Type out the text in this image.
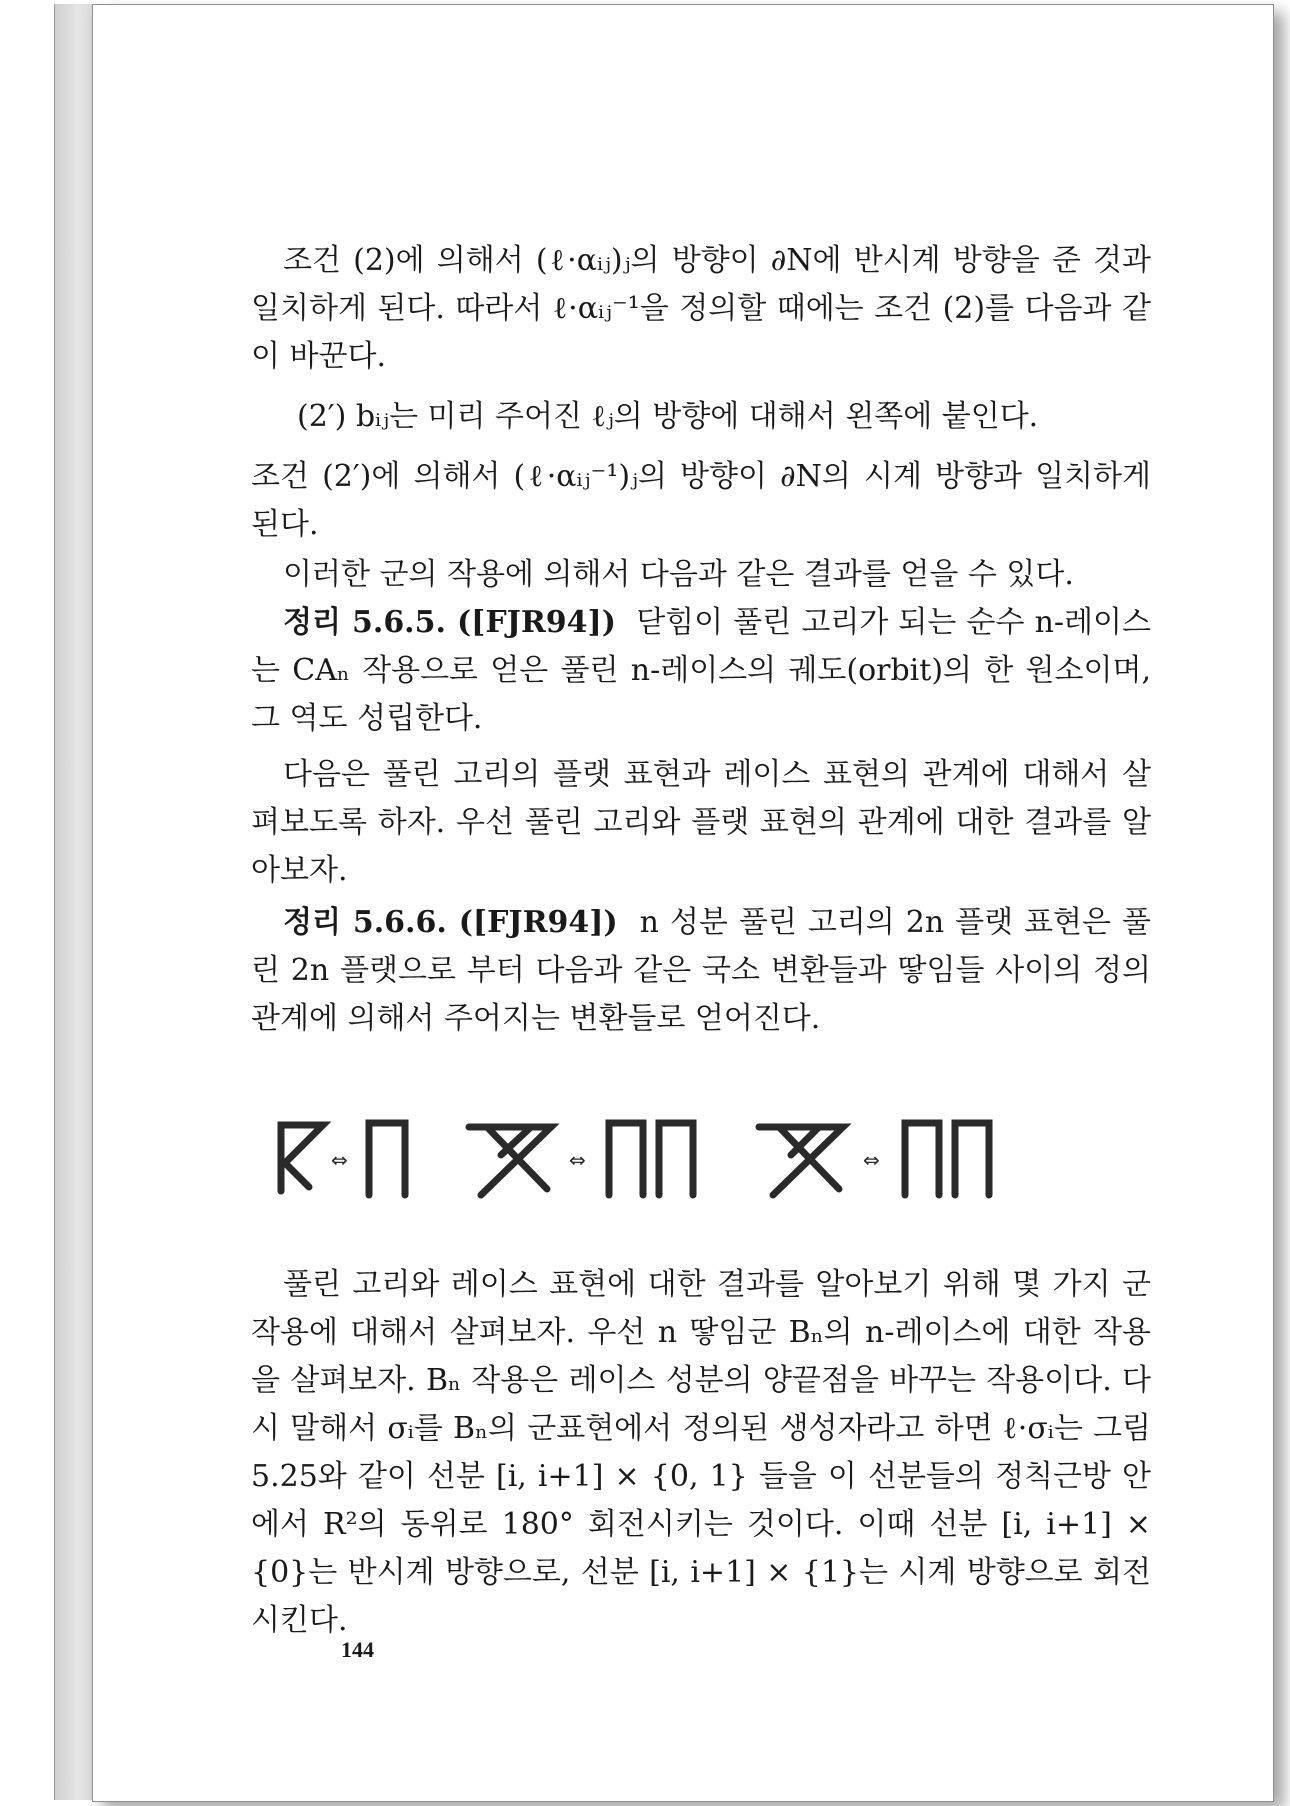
조건 (2)에 의해서 (ℓ·αᵢⱼ)ⱼ의 방향이 ∂N에 반시계 방향을 준 것과 일치하게 된다. 따라서 ℓ·αᵢⱼ⁻¹을 정의할 때에는 조건 (2)를 다음과 같이 바꾼다.

(2′) bᵢⱼ는 미리 주어진 ℓⱼ의 방향에 대해서 왼쪽에 붙인다.

조건 (2′)에 의해서 (ℓ·αᵢⱼ⁻¹)ⱼ의 방향이 ∂N의 시계 방향과 일치하게 된다.

이러한 군의 작용에 의해서 다음과 같은 결과를 얻을 수 있다.

정리 5.6.5. ([FJR94]) 닫힘이 풀린 고리가 되는 순수 n-레이스는 CAₙ 작용으로 얻은 풀린 n-레이스의 궤도(orbit)의 한 원소이며, 그 역도 성립한다.

다음은 풀린 고리의 플랫 표현과 레이스 표현의 관계에 대해서 살펴보도록 하자. 우선 풀린 고리와 플랫 표현의 관계에 대한 결과를 알아보자.

정리 5.6.6. ([FJR94]) n 성분 풀린 고리의 2n 플랫 표현은 풀린 2n 플랫으로 부터 다음과 같은 국소 변환들과 땋임들 사이의 정의관계에 의해서 주어지는 변환들로 얻어진다.

⇔	⇔	⇔

풀린 고리와 레이스 표현에 대한 결과를 알아보기 위해 몇 가지 군 작용에 대해서 살펴보자. 우선 n 땋임군 Bₙ의 n-레이스에 대한 작용을 살펴보자. Bₙ 작용은 레이스 성분의 양끝점을 바꾸는 작용이다. 다시 말해서 σᵢ를 Bₙ의 군표현에서 정의된 생성자라고 하면 ℓ·σᵢ는 그림 5.25와 같이 선분 [i, i+1] × {0, 1} 들을 이 선분들의 정칙근방 안에서 R²의 동위로 180° 회전시키는 것이다. 이때 선분 [i, i+1] × {0}는 반시계 방향으로, 선분 [i, i+1] × {1}는 시계 방향으로 회전시킨다.

144
